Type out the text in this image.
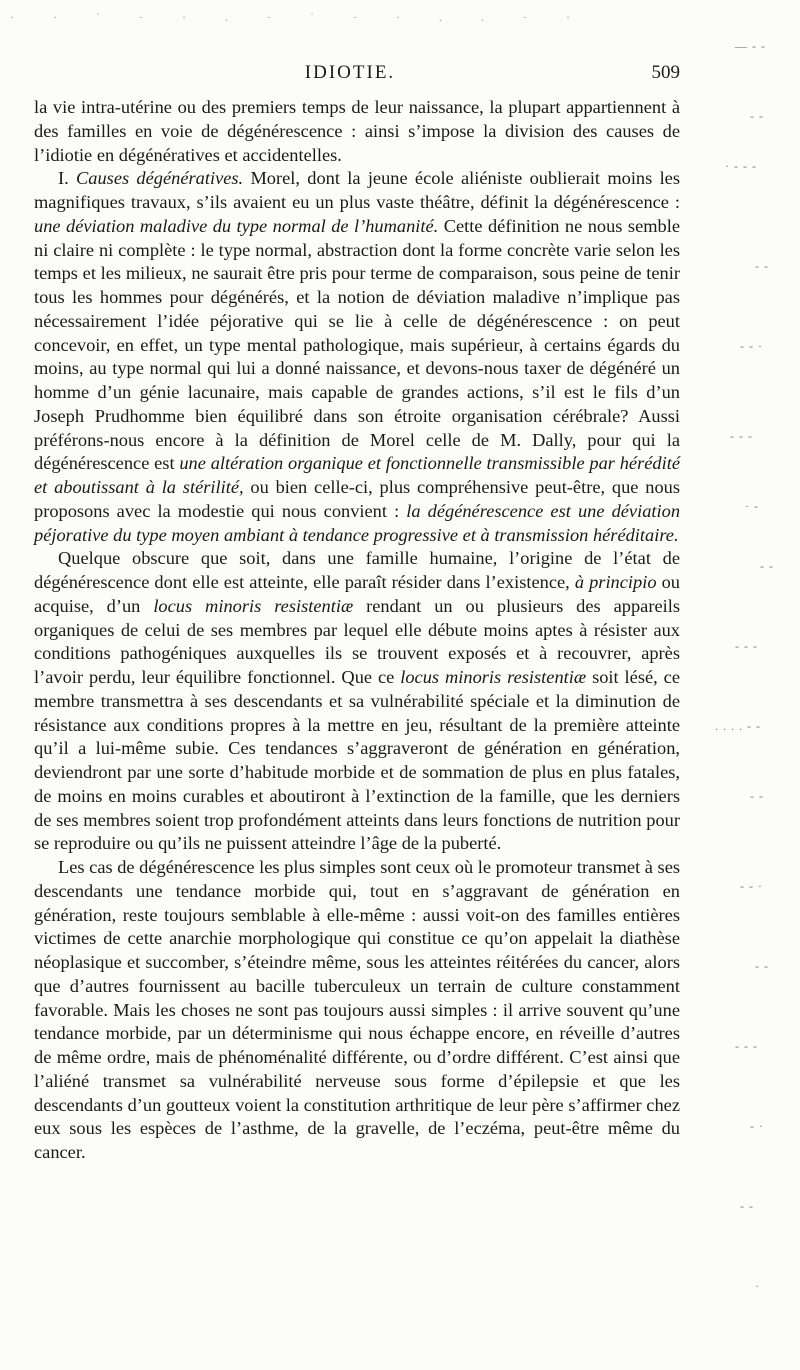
· · ˙ · · . · ˙ · · . . · ·
IDIOTIE.	509

la vie intra-utérine ou des premiers temps de leur naissance, la plupart appartiennent à des familles en voie de dégénérescence : ainsi s’impose la division des causes de l’idiotie en dégénératives et accidentelles.

I. Causes dégénératives. Morel, dont la jeune école aliéniste oublierait moins les magnifiques travaux, s’ils avaient eu un plus vaste théâtre, définit la dégénérescence : une déviation maladive du type normal de l’humanité. Cette définition ne nous semble ni claire ni complète : le type normal, abstraction dont la forme concrète varie selon les temps et les milieux, ne saurait être pris pour terme de comparaison, sous peine de tenir tous les hommes pour dégénérés, et la notion de déviation maladive n’implique pas nécessairement l’idée péjorative qui se lie à celle de dégénérescence : on peut concevoir, en effet, un type mental pathologique, mais supérieur, à certains égards du moins, au type normal qui lui a donné naissance, et devons-nous taxer de dégénéré un homme d’un génie lacunaire, mais capable de grandes actions, s’il est le fils d’un Joseph Prudhomme bien équilibré dans son étroite organisation cérébrale? Aussi préférons-nous encore à la définition de Morel celle de M. Dally, pour qui la dégénérescence est une altération organique et fonctionnelle transmissible par hérédité et aboutissant à la stérilité, ou bien celle-ci, plus compréhensive peut-être, que nous proposons avec la modestie qui nous convient : la dégénérescence est une déviation péjorative du type moyen ambiant à tendance progressive et à transmission héréditaire.

Quelque obscure que soit, dans une famille humaine, l’origine de l’état de dégénérescence dont elle est atteinte, elle paraît résider dans l’existence, à principio ou acquise, d’un locus minoris resistentiæ rendant un ou plusieurs des appareils organiques de celui de ses membres par lequel elle débute moins aptes à résister aux conditions pathogéniques auxquelles ils se trouvent exposés et à recouvrer, après l’avoir perdu, leur équilibre fonctionnel. Que ce locus minoris resistentiæ soit lésé, ce membre transmettra à ses descendants et sa vulnérabilité spéciale et la diminution de résistance aux conditions propres à la mettre en jeu, résultant de la première atteinte qu’il a lui-même subie. Ces tendances s’aggraveront de génération en génération, deviendront par une sorte d’habitude morbide et de sommation de plus en plus fatales, de moins en moins curables et aboutiront à l’extinction de la famille, que les derniers de ses membres soient trop profondément atteints dans leurs fonctions de nutrition pour se reproduire ou qu’ils ne puissent atteindre l’âge de la puberté.

Les cas de dégénérescence les plus simples sont ceux où le promoteur transmet à ses descendants une tendance morbide qui, tout en s’aggravant de génération en génération, reste toujours semblable à elle-même : aussi voit-on des familles entières victimes de cette anarchie morphologique qui constitue ce qu’on appelait la diathèse néoplasique et succomber, s’éteindre même, sous les atteintes réitérées du cancer, alors que d’autres fournissent au bacille tuberculeux un terrain de culture constamment favorable. Mais les choses ne sont pas toujours aussi simples : il arrive souvent qu’une tendance morbide, par un déterminisme qui nous échappe encore, en réveille d’autres de même ordre, mais de phénoménalité différente, ou d’ordre différent. C’est ainsi que l’aliéné transmet sa vulnérabilité nerveuse sous forme d’épilepsie et que les descendants d’un goutteux voient la constitution arthritique de leur père s’affirmer chez eux sous les espèces de l’asthme, de la gravelle, de l’eczéma, peut-être même du cancer.

— ‐ ‐
‐ ‐
· ‐ ‐ ‐
‐ ‐
‐ ‐ ·
‐ ‐ ‐
· ‐
‐ ‐
‐ ‐ ‐
. . . . ‐ ‐
‐ ‐
‐ ‐ ·
‐ ‐
‐ ‐ ‐
‐ ·
‐ ‐
·
